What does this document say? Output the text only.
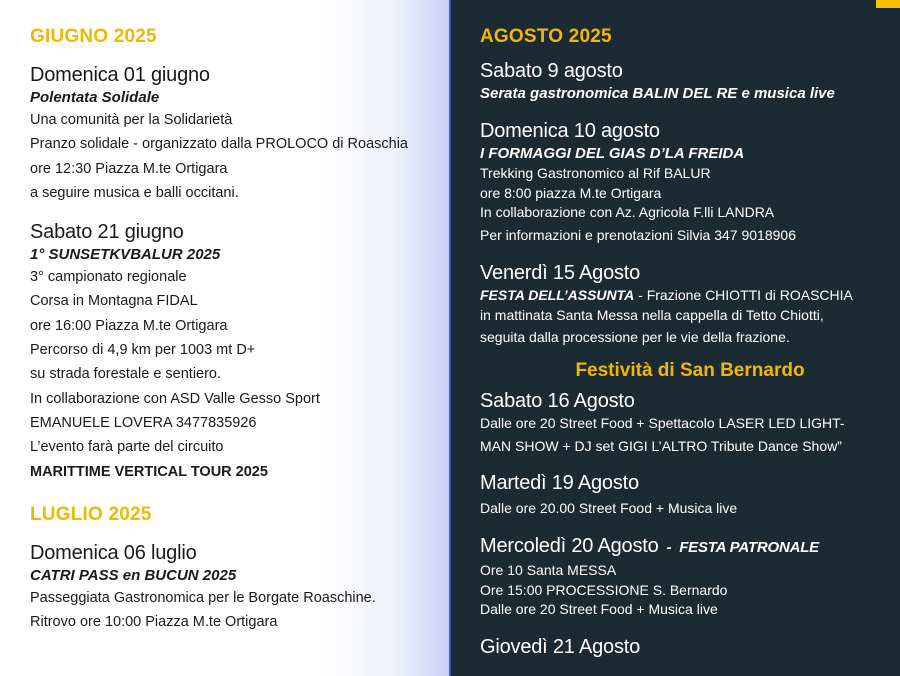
GIUGNO 2025
Domenica 01 giugno
Polentata Solidale
Una comunità per la Solidarietà
Pranzo solidale - organizzato dalla PROLOCO di Roaschia
ore 12:30 Piazza M.te Ortigara
a seguire musica e balli occitani.
Sabato 21 giugno
1° SUNSETKVBALUR 2025
3° campionato regionale
Corsa in Montagna FIDAL
ore 16:00 Piazza M.te Ortigara
Percorso di 4,9 km per 1003 mt D+
su strada forestale e sentiero.
In collaborazione con ASD Valle Gesso Sport
EMANUELE LOVERA 3477835926
L’evento farà parte del circuito
MARITTIME VERTICAL TOUR 2025
LUGLIO 2025
Domenica 06 luglio
CATRI PASS en BUCUN 2025
Passeggiata Gastronomica per le Borgate Roaschine.
Ritrovo ore 10:00 Piazza M.te Ortigara
AGOSTO 2025
Sabato 9 agosto
Serata gastronomica BALIN DEL RE e musica live
Domenica 10 agosto
I FORMAGGI DEL GIAS D’LA FREIDA
Trekking Gastronomico al Rif BALUR
ore 8:00 piazza M.te Ortigara
In collaborazione con Az. Agricola F.lli LANDRA
Per informazioni e prenotazioni Silvia 347 9018906
Venerdì 15 Agosto
FESTA DELL’ASSUNTA - Frazione CHIOTTI di ROASCHIA
in mattinata Santa Messa nella cappella di Tetto Chiotti,
seguita dalla processione per le vie della frazione.
Festività di San Bernardo
Sabato 16 Agosto
Dalle ore 20 Street Food + Spettacolo LASER LED LIGHT-
MAN SHOW + DJ set GIGI L’ALTRO Tribute Dance Show”
Martedì 19 Agosto
Dalle ore 20.00 Street Food + Musica live
Mercoledì 20 Agosto  -  FESTA PATRONALE
Ore 10 Santa MESSA
Ore 15:00 PROCESSIONE S. Bernardo
Dalle ore 20 Street Food + Musica live
Giovedì 21 Agosto
